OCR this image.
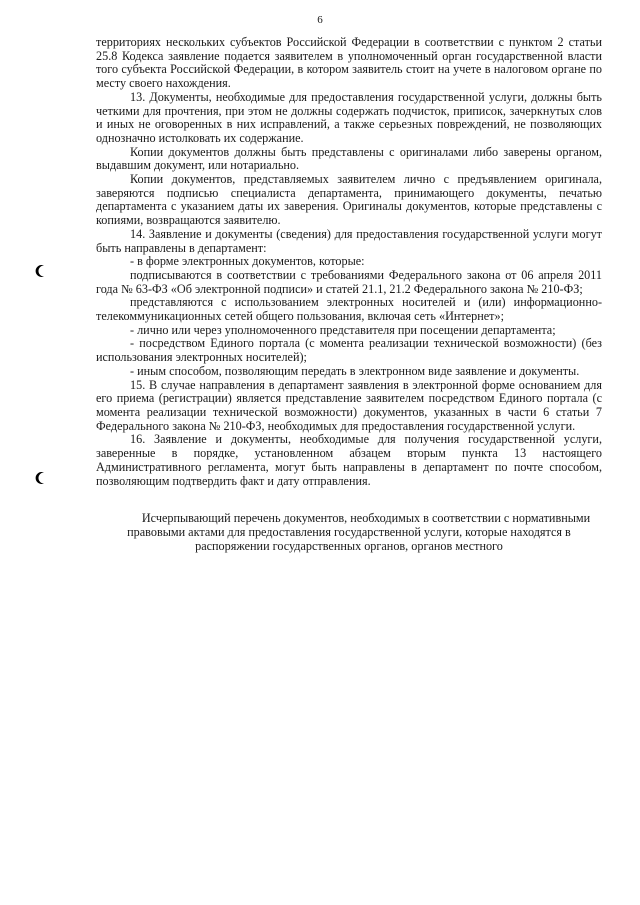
6

территориях нескольких субъектов Российской Федерации в соответствии с пунктом 2 статьи 25.8 Кодекса заявление подается заявителем в уполномоченный орган государственной власти того субъекта Российской Федерации, в котором заявитель стоит на учете в налоговом органе по месту своего нахождения.

13. Документы, необходимые для предоставления государственной услуги, должны быть четкими для прочтения, при этом не должны содержать подчисток, приписок, зачеркнутых слов и иных не оговоренных в них исправлений, а также серьезных повреждений, не позволяющих однозначно истолковать их содержание.

Копии документов должны быть представлены с оригиналами либо заверены органом, выдавшим документ, или нотариально.

Копии документов, представляемых заявителем лично с предъявлением оригинала, заверяются подписью специалиста департамента, принимающего документы, печатью департамента с указанием даты их заверения. Оригиналы документов, которые представлены с копиями, возвращаются заявителю.

14. Заявление и документы (сведения) для предоставления государственной услуги могут быть направлены в департамент:

- в форме электронных документов, которые:

подписываются в соответствии с требованиями Федерального закона от 06 апреля 2011 года № 63-ФЗ «Об электронной подписи» и статей 21.1, 21.2 Федерального закона № 210-ФЗ;

представляются с использованием электронных носителей и (или) информационно-телекоммуникационных сетей общего пользования, включая сеть «Интернет»;

- лично или через уполномоченного представителя при посещении департамента;

- посредством Единого портала (с момента реализации технической возможности) (без использования электронных носителей);

- иным способом, позволяющим передать в электронном виде заявление и документы.

15. В случае направления в департамент заявления в электронной форме основанием для его приема (регистрации) является представление заявителем посредством Единого портала (с момента реализации технической возможности) документов, указанных в части 6 статьи 7 Федерального закона № 210-ФЗ, необходимых для предоставления государственной услуги.

16. Заявление и документы, необходимые для получения государственной услуги, заверенные в порядке, установленном абзацем вторым пункта 13 настоящего Административного регламента, могут быть направлены в департамент по почте способом, позволяющим подтвердить факт и дату отправления.

Исчерпывающий перечень документов, необходимых в соответствии с нормативными правовыми актами для предоставления государственной услуги, которые находятся в распоряжении государственных органов, органов местного
